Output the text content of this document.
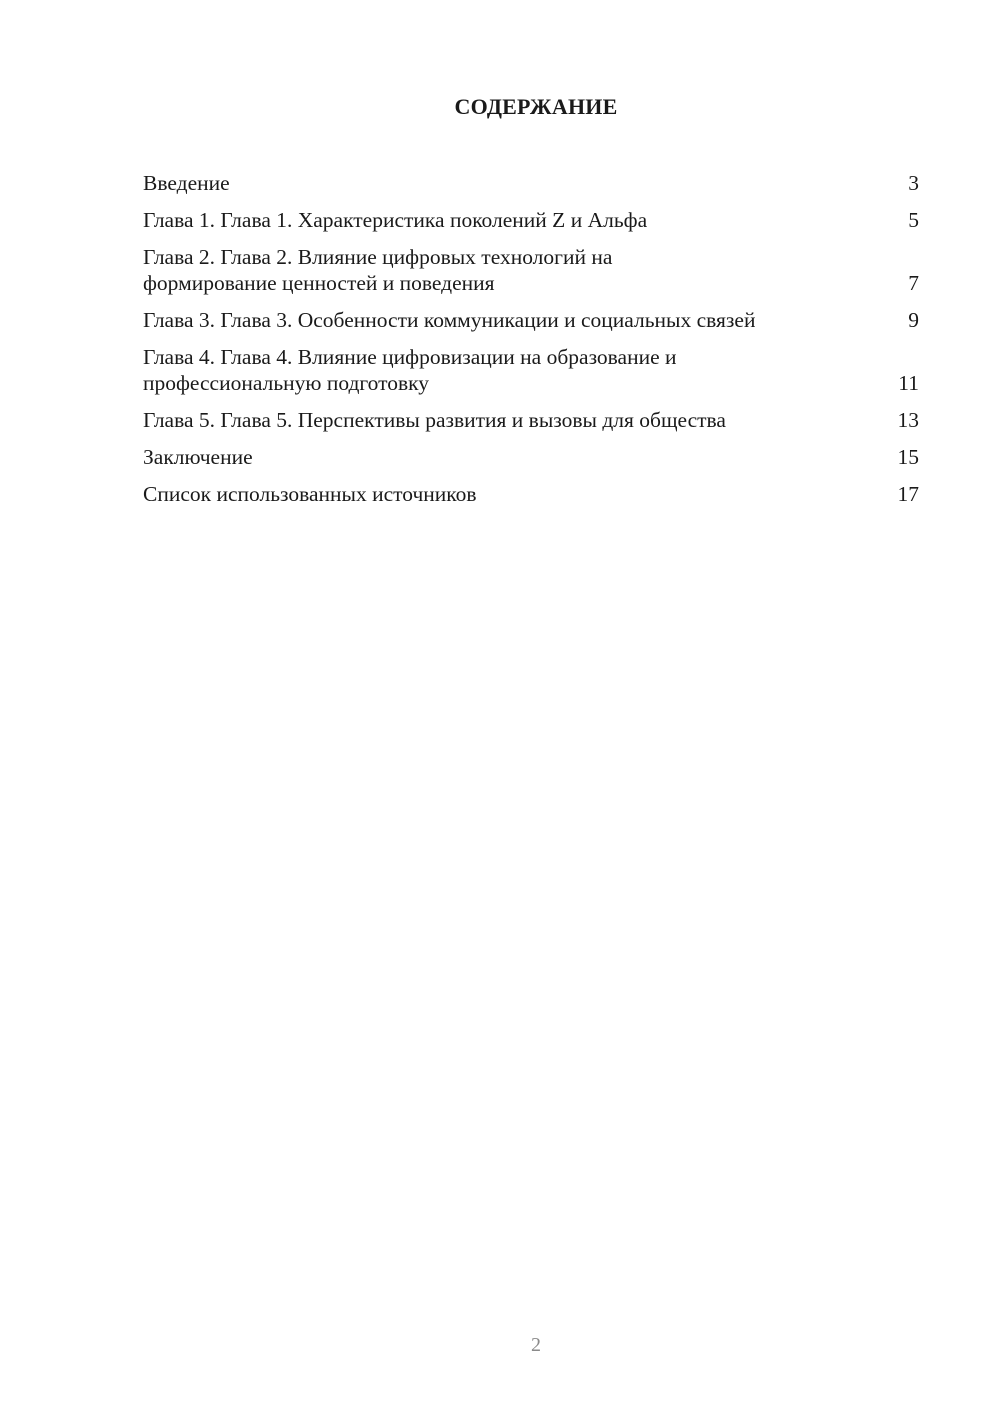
СОДЕРЖАНИЕ
Введение	3
Глава 1. Глава 1. Характеристика поколений Z и Альфа	5
Глава 2. Глава 2. Влияние цифровых технологий на формирование ценностей и поведения	7
Глава 3. Глава 3. Особенности коммуникации и социальных связей	9
Глава 4. Глава 4. Влияние цифровизации на образование и профессиональную подготовку	11
Глава 5. Глава 5. Перспективы развития и вызовы для общества	13
Заключение	15
Список использованных источников	17
2
